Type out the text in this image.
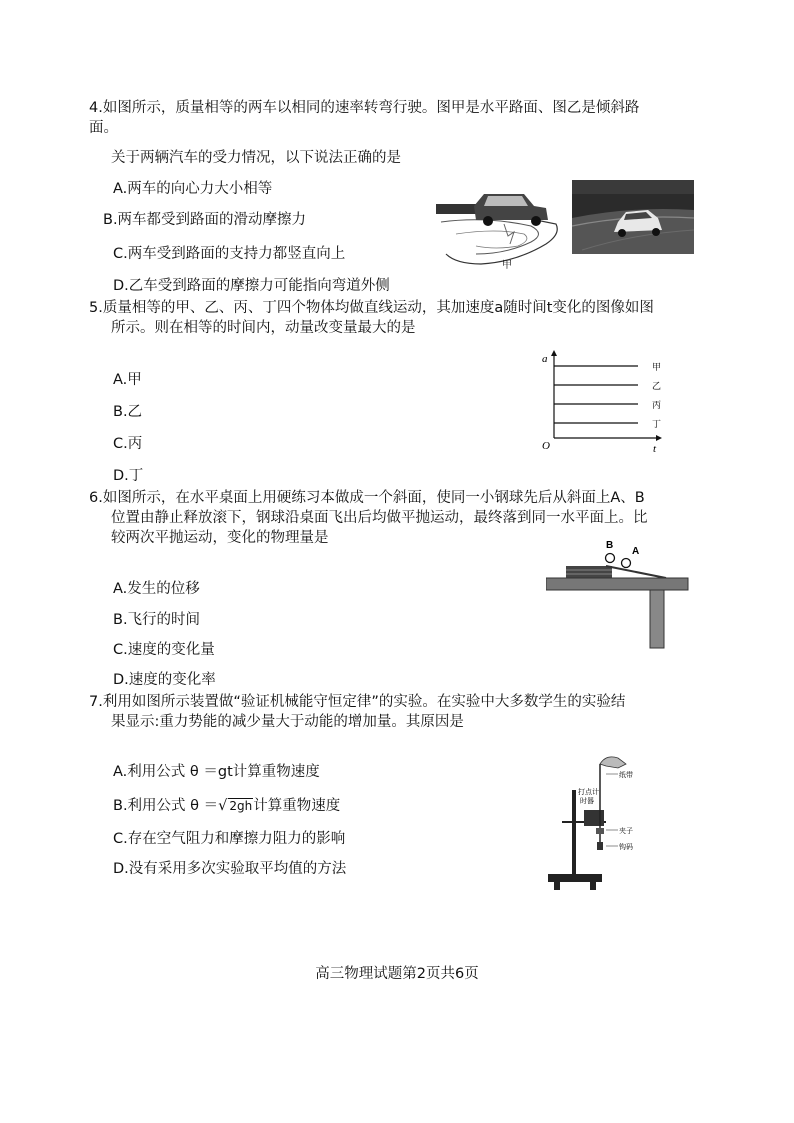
4.如图所示，质量相等的两车以相同的速率转弯行驶。图甲是水平路面、图乙是倾斜路
面。
关于两辆汽车的受力情况，以下说法正确的是
A.两车的向心力大小相等
B.两车都受到路面的滑动摩擦力
C.两车受到路面的支持力都竖直向上
D.乙车受到路面的摩擦力可能指向弯道外侧
甲
5.质量相等的甲、乙、丙、丁四个物体均做直线运动，其加速度a随时间t变化的图像如图
所示。则在相等的时间内，动量改变量最大的是
A.甲
B.乙
C.丙
D.丁
a
t
O
甲
乙
丙
丁
6.如图所示，在水平桌面上用硬练习本做成一个斜面，使同一小钢球先后从斜面上A、B
位置由静止释放滚下，钢球沿桌面飞出后均做平抛运动，最终落到同一水平面上。比
较两次平抛运动，变化的物理量是
A.发生的位移
B.飞行的时间
C.速度的变化量
D.速度的变化率
B
A
7.利用如图所示装置做“验证机械能守恒定律”的实验。在实验中大多数学生的实验结
果显示:重力势能的减少量大于动能的增加量。其原因是
A.利用公式 θ ＝gt计算重物速度
B.利用公式 θ ＝√ 2gh计算重物速度
C.存在空气阻力和摩擦力阻力的影响
D.没有采用多次实验取平均值的方法
打点计
时器
纸带
夹子
钩码
高三物理试题第2页共6页
